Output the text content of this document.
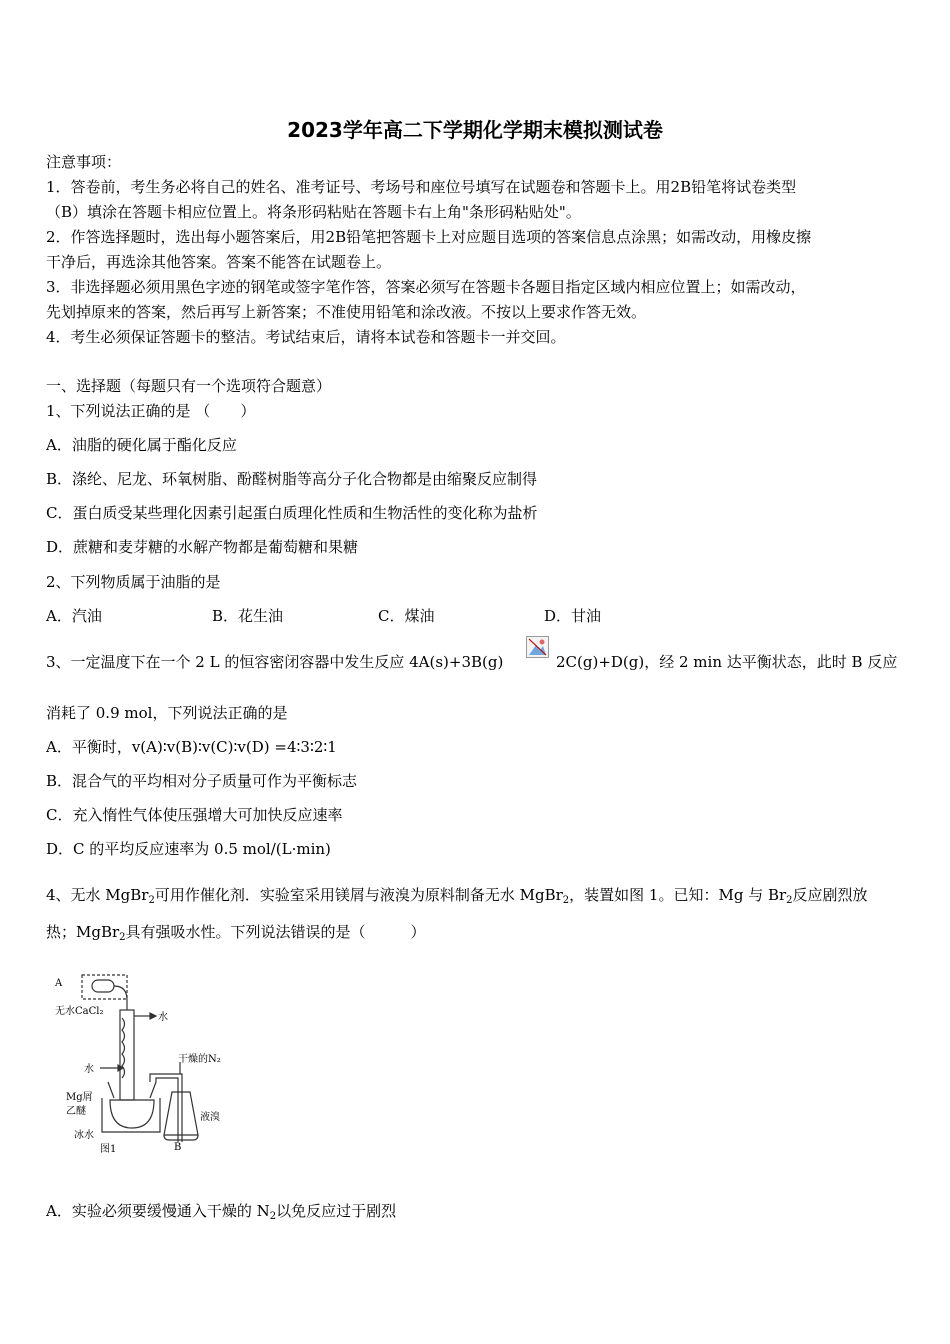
2023学年高二下学期化学期末模拟测试卷
注意事项：
1．答卷前，考生务必将自己的姓名、准考证号、考场号和座位号填写在试题卷和答题卡上。用2B铅笔将试卷类型
（B）填涂在答题卡相应位置上。将条形码粘贴在答题卡右上角"条形码粘贴处"。
2．作答选择题时，选出每小题答案后，用2B铅笔把答题卡上对应题目选项的答案信息点涂黑；如需改动，用橡皮擦
干净后，再选涂其他答案。答案不能答在试题卷上。
3．非选择题必须用黑色字迹的钢笔或签字笔作答，答案必须写在答题卡各题目指定区域内相应位置上；如需改动，
先划掉原来的答案，然后再写上新答案；不准使用铅笔和涂改液。不按以上要求作答无效。
4．考生必须保证答题卡的整洁。考试结束后，请将本试卷和答题卡一并交回。
一、选择题（每题只有一个选项符合题意）
1、下列说法正确的是 （　　）
A．油脂的硬化属于酯化反应
B．涤纶、尼龙、环氧树脂、酚醛树脂等高分子化合物都是由缩聚反应制得
C．蛋白质受某些理化因素引起蛋白质理化性质和生物活性的变化称为盐析
D．蔗糖和麦芽糖的水解产物都是葡萄糖和果糖
2、下列物质属于油脂的是
A．汽油	B．花生油	C．煤油	D．甘油
3、一定温度下在一个 2 L 的恒容密闭容器中发生反应 4A(s)+3B(g)	2C(g)+D(g)，经 2 min 达平衡状态，此时 B 反应
消耗了 0.9 mol，下列说法正确的是
A．平衡时，v(A)∶v(B)∶v(C)∶v(D) =4∶3∶2∶1
B．混合气的平均相对分子质量可作为平衡标志
C．充入惰性气体使压强增大可加快反应速率
D．C 的平均反应速率为 0.5 mol/(L·min)
4、无水 MgBr$_2$可用作催化剂．实验室采用镁屑与液溴为原料制备无水 MgBr$_2$，装置如图 1。已知：Mg 与 $Br_2$反应剧烈放
热；MgBr$_2$具有强吸水性。下列说法错误的是（　　　）
A
无水CaCl₂
水
水
干燥的N₂
Mg屑
乙醚
冰水
液溴
B
图1
A．实验必须要缓慢通入干燥的 $N_2$以免反应过于剧烈
